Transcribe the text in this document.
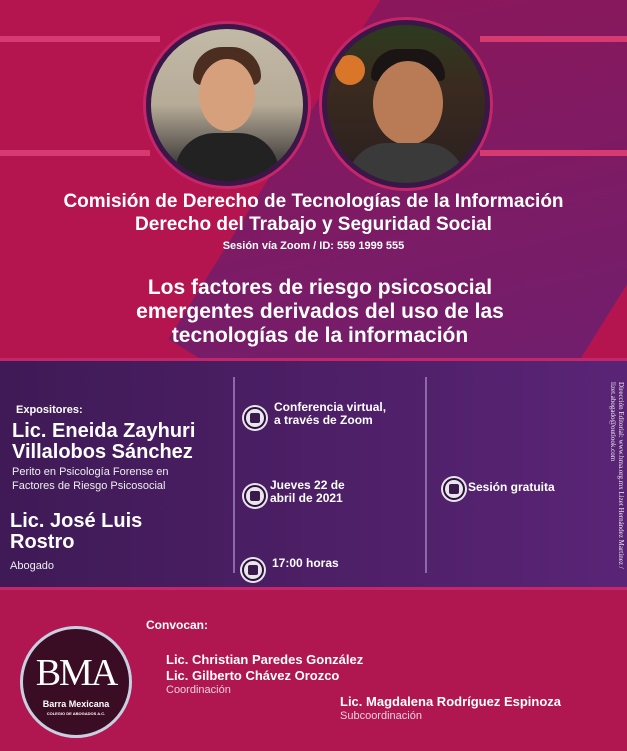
Comisión de Derecho de Tecnologías de la Información
Derecho del Trabajo y Seguridad Social
Sesión vía Zoom / ID: 559 1999 555
Los factores de riesgo psicosocial
emergentes derivados del uso de las
tecnologías de la información
Expositores:
Lic. Eneida Zayhuri
Villalobos Sánchez
Perito en Psicología Forense en
Factores de Riesgo Psicosocial
Lic. José Luis
Rostro
Abogado
Conferencia virtual,
a través de Zoom
Jueves 22 de
abril de 2021
17:00 horas
Sesión gratuita	Dirección Editorial: www.bma.org.mx Lizet Hernández Martínez / lizet.abogado@outlook.com
Convocan:
Lic. Christian Paredes González
Lic. Gilberto Chávez Orozco
Coordinación
Lic. Magdalena Rodríguez Espinoza
Subcoordinación
BMA
Barra Mexicana
COLEGIO DE ABOGADOS A.C.
